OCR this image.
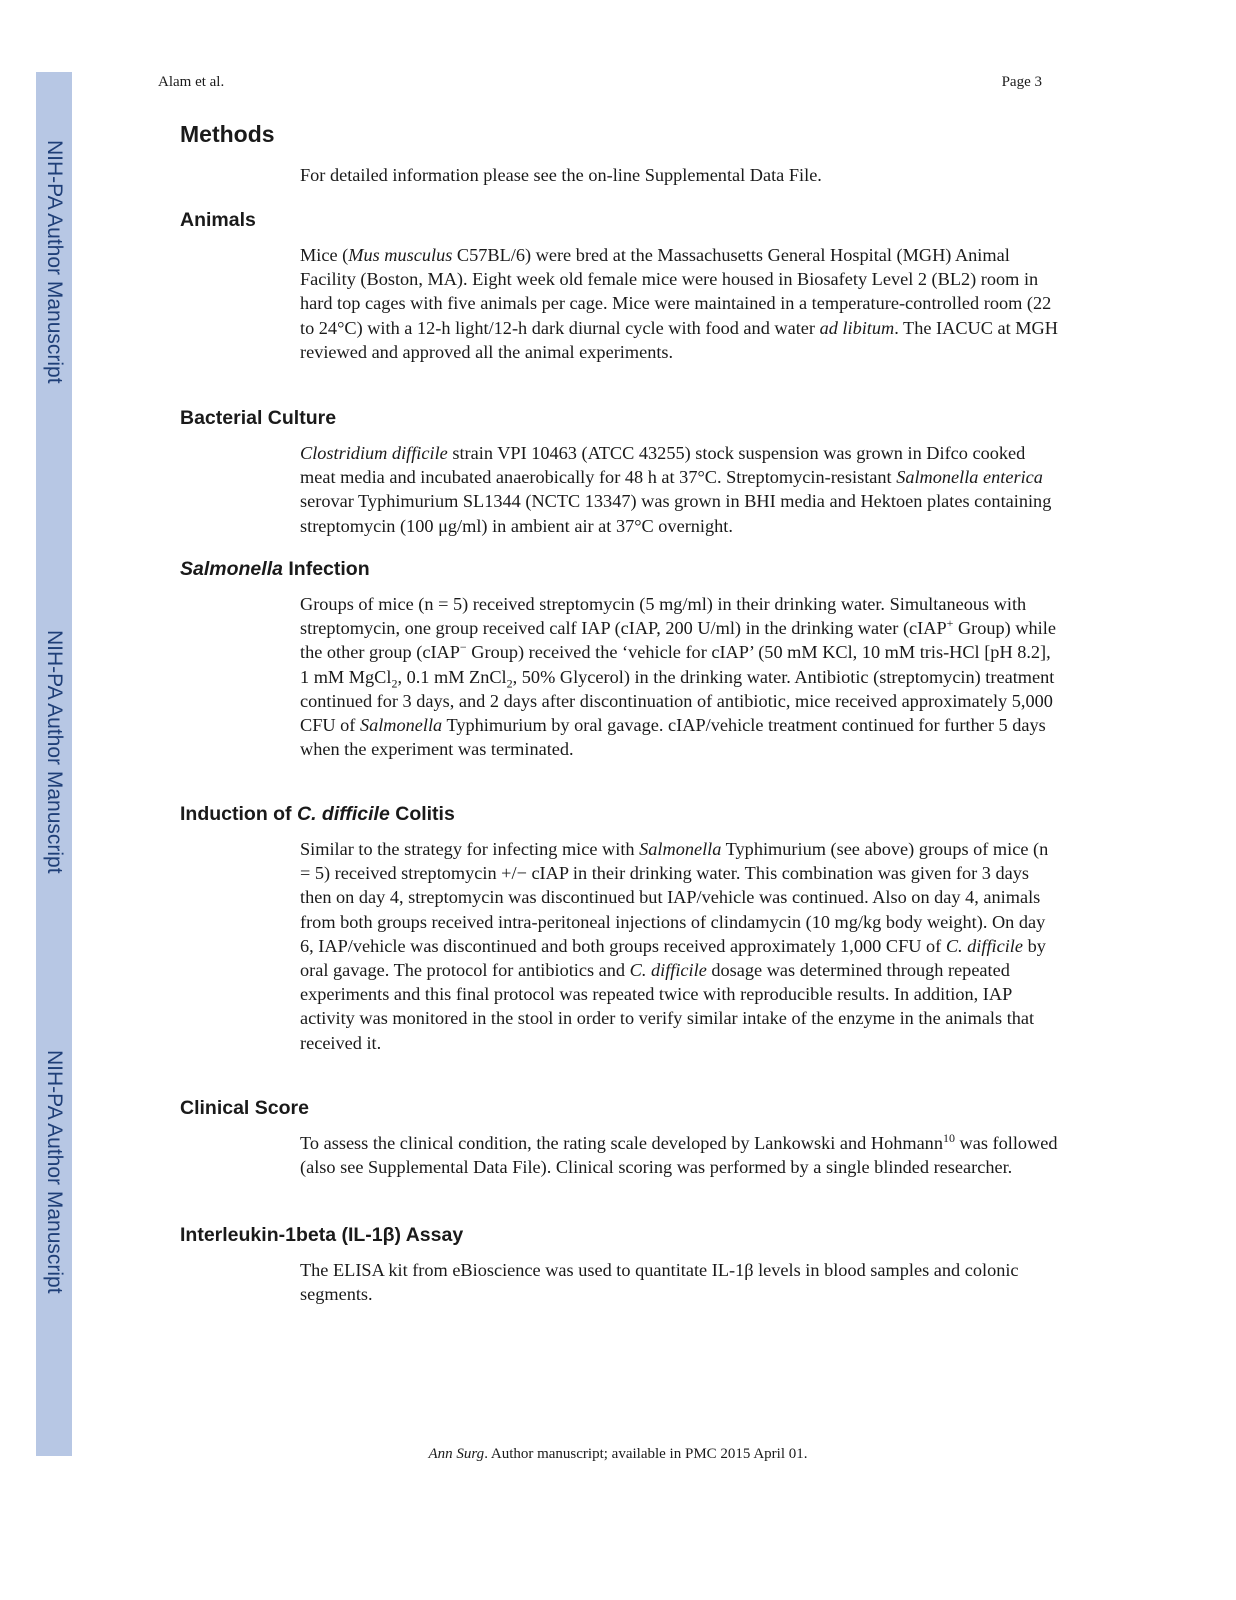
NIH-PA Author Manuscript
NIH-PA Author Manuscript
NIH-PA Author Manuscript
Alam et al.	Page 3
Methods

For detailed information please see the on-line Supplemental Data File.

Animals

Mice (Mus musculus C57BL/6) were bred at the Massachusetts General Hospital (MGH) Animal Facility (Boston, MA). Eight week old female mice were housed in Biosafety Level 2 (BL2) room in hard top cages with five animals per cage. Mice were maintained in a temperature-controlled room (22 to 24°C) with a 12-h light/12-h dark diurnal cycle with food and water ad libitum. The IACUC at MGH reviewed and approved all the animal experiments.

Bacterial Culture

Clostridium difficile strain VPI 10463 (ATCC 43255) stock suspension was grown in Difco cooked meat media and incubated anaerobically for 48 h at 37°C. Streptomycin-resistant Salmonella enterica serovar Typhimurium SL1344 (NCTC 13347) was grown in BHI media and Hektoen plates containing streptomycin (100 μg/ml) in ambient air at 37°C overnight.

Salmonella Infection

Groups of mice (n = 5) received streptomycin (5 mg/ml) in their drinking water. Simultaneous with streptomycin, one group received calf IAP (cIAP, 200 U/ml) in the drinking water (cIAP+ Group) while the other group (cIAP− Group) received the ‘vehicle for cIAP’ (50 mM KCl, 10 mM tris-HCl [pH 8.2], 1 mM MgCl$_2$, 0.1 mM ZnCl$_2$, 50% Glycerol) in the drinking water. Antibiotic (streptomycin) treatment continued for 3 days, and 2 days after discontinuation of antibiotic, mice received approximately 5,000 CFU of Salmonella Typhimurium by oral gavage. cIAP/vehicle treatment continued for further 5 days when the experiment was terminated.

Induction of C. difficile Colitis

Similar to the strategy for infecting mice with Salmonella Typhimurium (see above) groups of mice (n = 5) received streptomycin +/− cIAP in their drinking water. This combination was given for 3 days then on day 4, streptomycin was discontinued but IAP/vehicle was continued. Also on day 4, animals from both groups received intra-peritoneal injections of clindamycin (10 mg/kg body weight). On day 6, IAP/vehicle was discontinued and both groups received approximately 1,000 CFU of C. difficile by oral gavage. The protocol for antibiotics and C. difficile dosage was determined through repeated experiments and this final protocol was repeated twice with reproducible results. In addition, IAP activity was monitored in the stool in order to verify similar intake of the enzyme in the animals that received it.

Clinical Score

To assess the clinical condition, the rating scale developed by Lankowski and Hohmann$^{10}$ was followed (also see Supplemental Data File). Clinical scoring was performed by a single blinded researcher.

Interleukin-1beta (IL-1β) Assay

The ELISA kit from eBioscience was used to quantitate IL-1β levels in blood samples and colonic segments.

Ann Surg. Author manuscript; available in PMC 2015 April 01.
